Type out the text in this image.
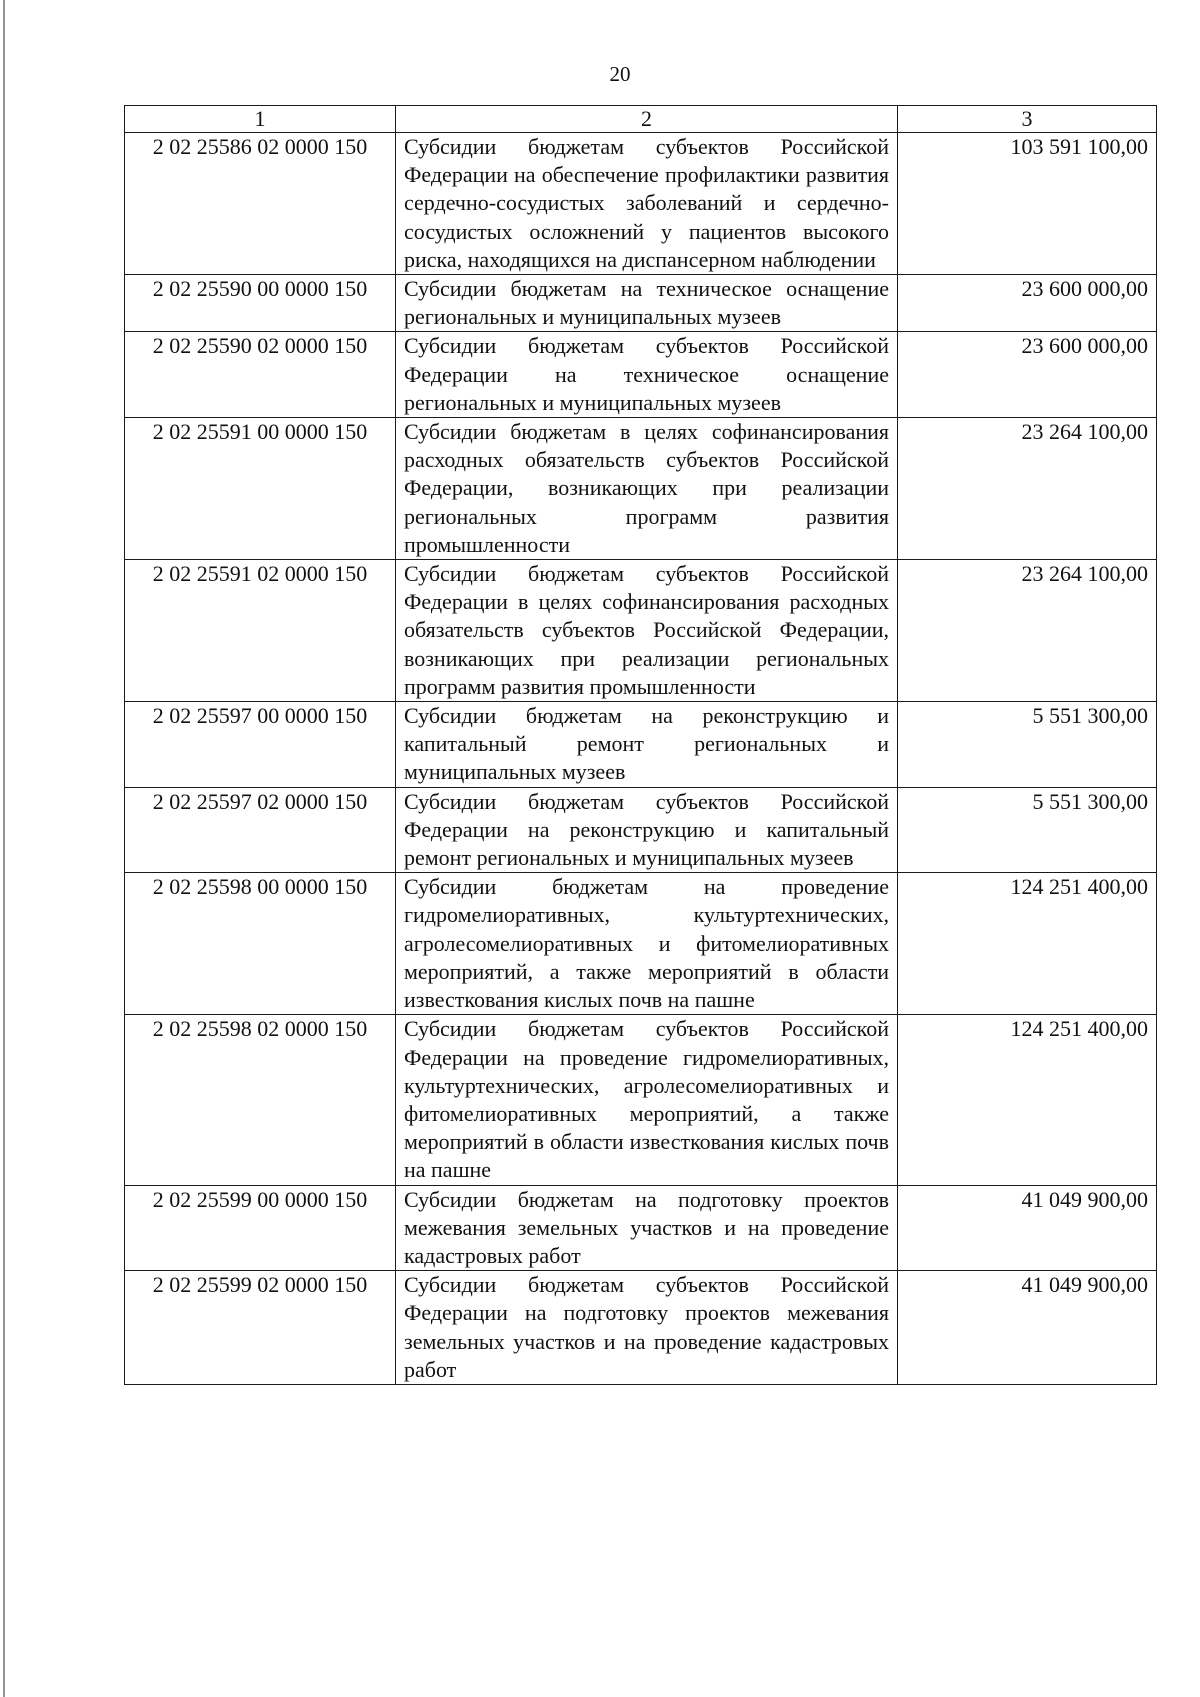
20
1	2	3
2 02 25586 02 0000 150	Субсидии бюджетам субъектов Российской Федерации на обеспечение профилактики развития сердечно-сосудистых заболеваний и сердечно-сосудистых осложнений у пациентов высокого риска, находящихся на диспансерном наблюдении	103 591 100,00
2 02 25590 00 0000 150	Субсидии бюджетам на техническое оснащение региональных и муниципальных музеев	23 600 000,00
2 02 25590 02 0000 150	Субсидии бюджетам субъектов Российской Федерации на техническое оснащение региональных и муниципальных музеев	23 600 000,00
2 02 25591 00 0000 150	Субсидии бюджетам в целях софинансирования расходных обязательств субъектов Российской Федерации, возникающих при реализации региональных программ развития промышленности	23 264 100,00
2 02 25591 02 0000 150	Субсидии бюджетам субъектов Российской Федерации в целях софинансирования расходных обязательств субъектов Российской Федерации, возникающих при реализации региональных программ развития промышленности	23 264 100,00
2 02 25597 00 0000 150	Субсидии бюджетам на реконструкцию и капитальный ремонт региональных и муниципальных музеев	5 551 300,00
2 02 25597 02 0000 150	Субсидии бюджетам субъектов Российской Федерации на реконструкцию и капитальный ремонт региональных и муниципальных музеев	5 551 300,00
2 02 25598 00 0000 150	Субсидии бюджетам на проведение гидромелиоративных, культуртехнических, агролесомелиоративных и фитомелиоративных мероприятий, а также мероприятий в области известкования кислых почв на пашне	124 251 400,00
2 02 25598 02 0000 150	Субсидии бюджетам субъектов Российской Федерации на проведение гидромелиоративных, культуртехнических, агролесомелиоративных и фитомелиоративных мероприятий, а также мероприятий в области известкования кислых почв на пашне	124 251 400,00
2 02 25599 00 0000 150	Субсидии бюджетам на подготовку проектов межевания земельных участков и на проведение кадастровых работ	41 049 900,00
2 02 25599 02 0000 150	Субсидии бюджетам субъектов Российской Федерации на подготовку проектов межевания земельных участков и на проведение кадастровых работ	41 049 900,00
